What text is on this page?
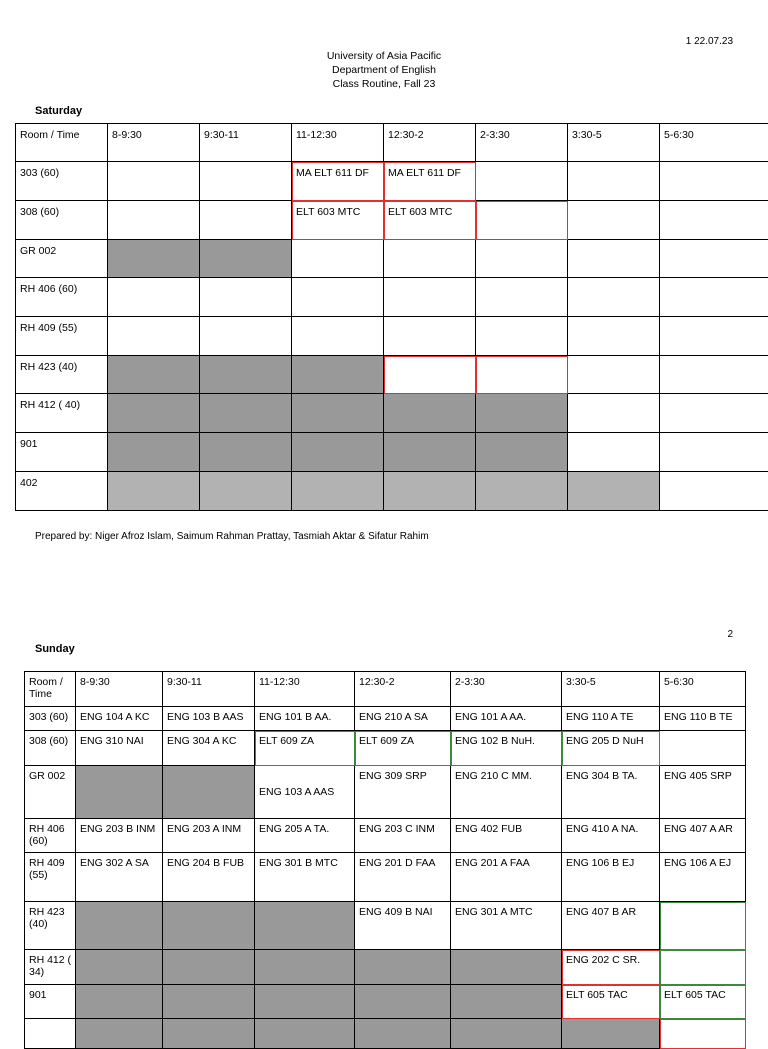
1 22.07.23
University of Asia Pacific
Department of English
Class Routine, Fall 23
Saturday
Room / Time	8-9:30	9:30-11	11-12:30	12:30-2	2-3:30	3:30-5	5-6:30
303 (60)			MA ELT 611 DF	MA ELT 611 DF			
308 (60)			ELT 603 MTC	ELT 603 MTC			
GR 002							
RH 406 (60)							
RH 409 (55)							
RH 423 (40)							
RH 412 ( 40)							
901							
402							
Prepared by: Niger Afroz Islam, Saimum Rahman Prattay, Tasmiah Aktar & Sifatur Rahim
2
Sunday
Room / Time	8-9:30	9:30-11	11-12:30	12:30-2	2-3:30	3:30-5	5-6:30
303 (60)	ENG 104 A KC	ENG 103 B AAS	ENG 101 B AA.	ENG 210 A SA	ENG 101 A AA.	ENG 110 A TE	ENG 110 B TE
308 (60)	ENG 310 NAI	ENG 304 A KC	ELT 609 ZA	ELT 609 ZA	ENG 102 B NuH.	ENG 205 D NuH	
GR 002			ENG 103 A AAS	ENG 309 SRP	ENG 210 C MM.	ENG 304 B TA.	ENG 405 SRP
RH 406 (60)	ENG 203 B INM	ENG 203 A INM	ENG 205 A TA.	ENG 203 C INM	ENG 402 FUB	ENG 410 A NA.	ENG 407 A AR
RH 409 (55)	ENG 302 A SA	ENG 204 B FUB	ENG 301 B MTC	ENG 201 D FAA	ENG 201 A FAA	ENG 106 B EJ	ENG 106 A EJ
RH 423 (40)				ENG 409 B NAI	ENG 301 A MTC	ENG 407 B AR	
RH 412 ( 34)						ENG 202 C SR.	
901						ELT 605 TAC	ELT 605 TAC
